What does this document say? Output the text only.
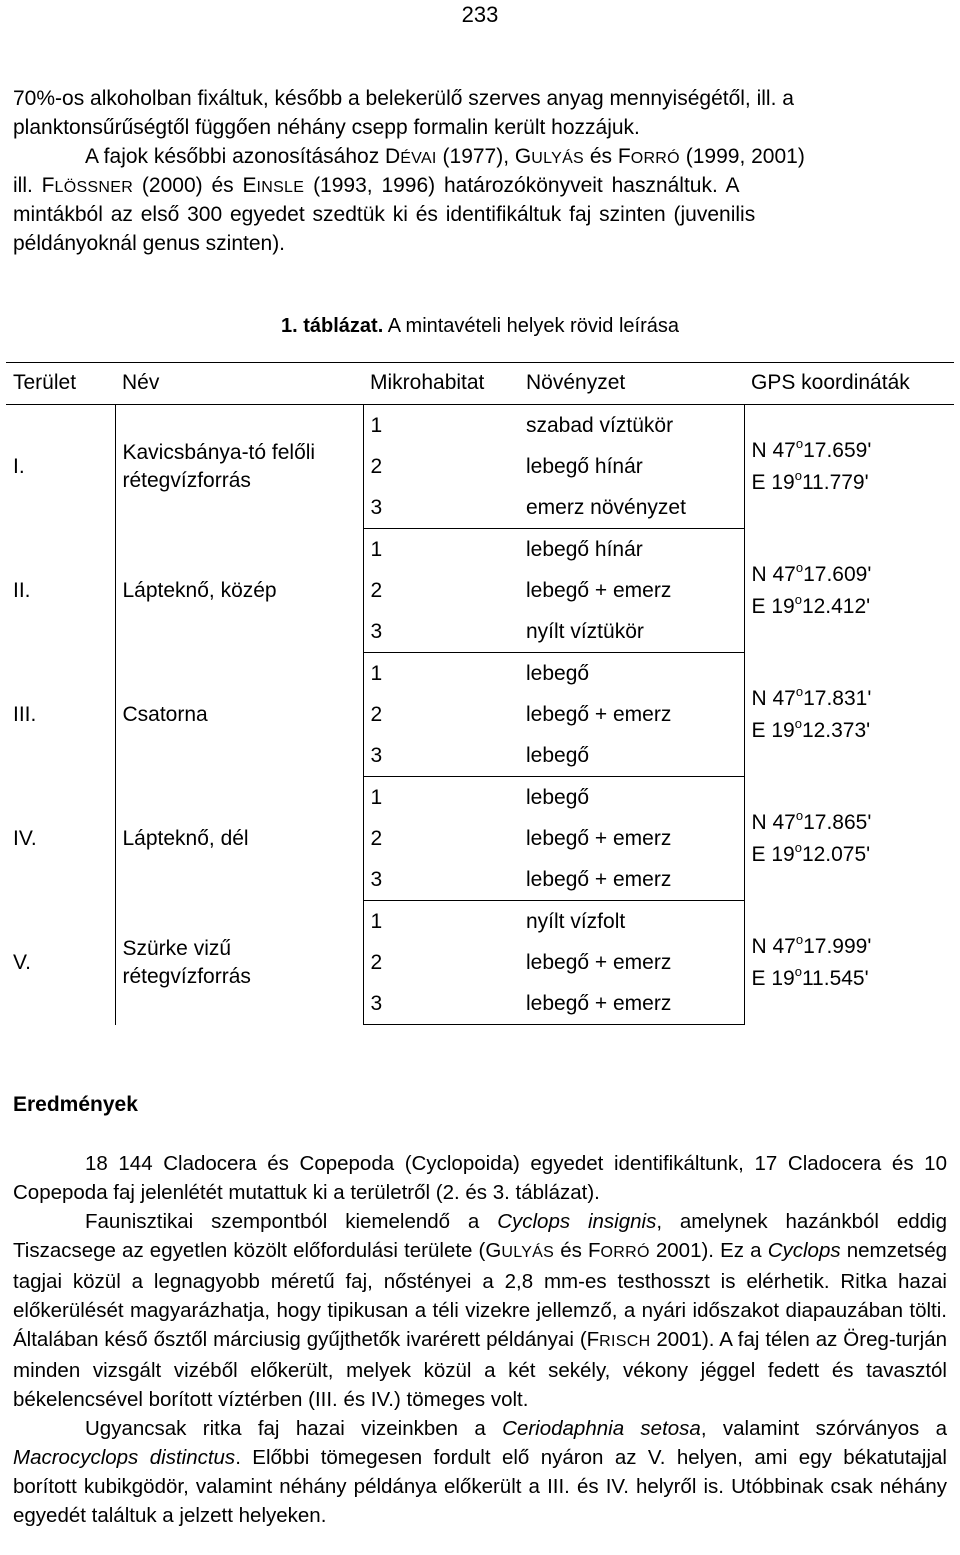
233

70%-os alkoholban fixáltuk, később a belekerülő szerves anyag mennyiségétől, ill. a

planktonsűrűségtől függően néhány csepp formalin került hozzájuk.

A fajok későbbi azonosításához DÉVAI (1977), GULYÁS és FORRÓ (1999, 2001)

ill. FLÖSSNER (2000) és EINSLE (1993, 1996) határozókönyveit használtuk. A

mintákból az első 300 egyedet szedtük ki és identifikáltuk faj szinten (juvenilis

példányoknál genus szinten).

1. táblázat. A mintavételi helyek rövid leírása
Terület	Név	Mikrohabitat	Növényzet	GPS koordináták
I.	Kavicsbánya-tó felőli
rétegvízforrás	1	szabad víztükör	N 47$^o$17.659'
E 19$^o$11.779'
		2	lebegő hínár	
		3	emerz növényzet	
II.	Lápteknő, közép	1	lebegő hínár	N 47$^o$17.609'
E 19$^o$12.412'
		2	lebegő + emerz	
		3	nyílt víztükör	
III.	Csatorna	1	lebegő	N 47$^o$17.831'
E 19$^o$12.373'
		2	lebegő + emerz	
		3	lebegő	
IV.	Lápteknő, dél	1	lebegő	N 47$^o$17.865'
E 19$^o$12.075'
		2	lebegő + emerz	
		3	lebegő + emerz	
V.	Szürke vizű
rétegvízforrás	1	nyílt vízfolt	N 47$^o$17.999'
E 19$^o$11.545'
		2	lebegő + emerz	
		3	lebegő + emerz	
Eredmények

18 144 Cladocera és Copepoda (Cyclopoida) egyedet identifikáltunk, 17 Cladocera és 10 Copepoda faj jelenlétét mutattuk ki a területről (2. és 3. táblázat).

Faunisztikai szempontból kiemelendő a Cyclops insignis, amelynek hazánkból eddig Tiszacsege az egyetlen közölt előfordulási területe (GULYÁS és FORRÓ 2001). Ez a Cyclops nemzetség tagjai közül a legnagyobb méretű faj, nőstényei a 2,8 mm-es testhosszt is elérhetik. Ritka hazai előkerülését magyarázhatja, hogy tipikusan a téli vizekre jellemző, a nyári időszakot diapauzában tölti. Általában késő ősztől márciusig gyűjthetők ivarérett példányai (FRISCH 2001). A faj télen az Öreg-turján minden vizsgált vizéből előkerült, melyek közül a két sekély, vékony jéggel fedett és tavasztól békelencsével borított víztérben (III. és IV.) tömeges volt.

Ugyancsak ritka faj hazai vizeinkben a Ceriodaphnia setosa, valamint szórványos a Macrocyclops distinctus. Előbbi tömegesen fordult elő nyáron az V. helyen, ami egy békatutajjal borított kubikgödör, valamint néhány példánya előkerült a III. és IV. helyről is. Utóbbinak csak néhány egyedét találtuk a jelzett helyeken.
